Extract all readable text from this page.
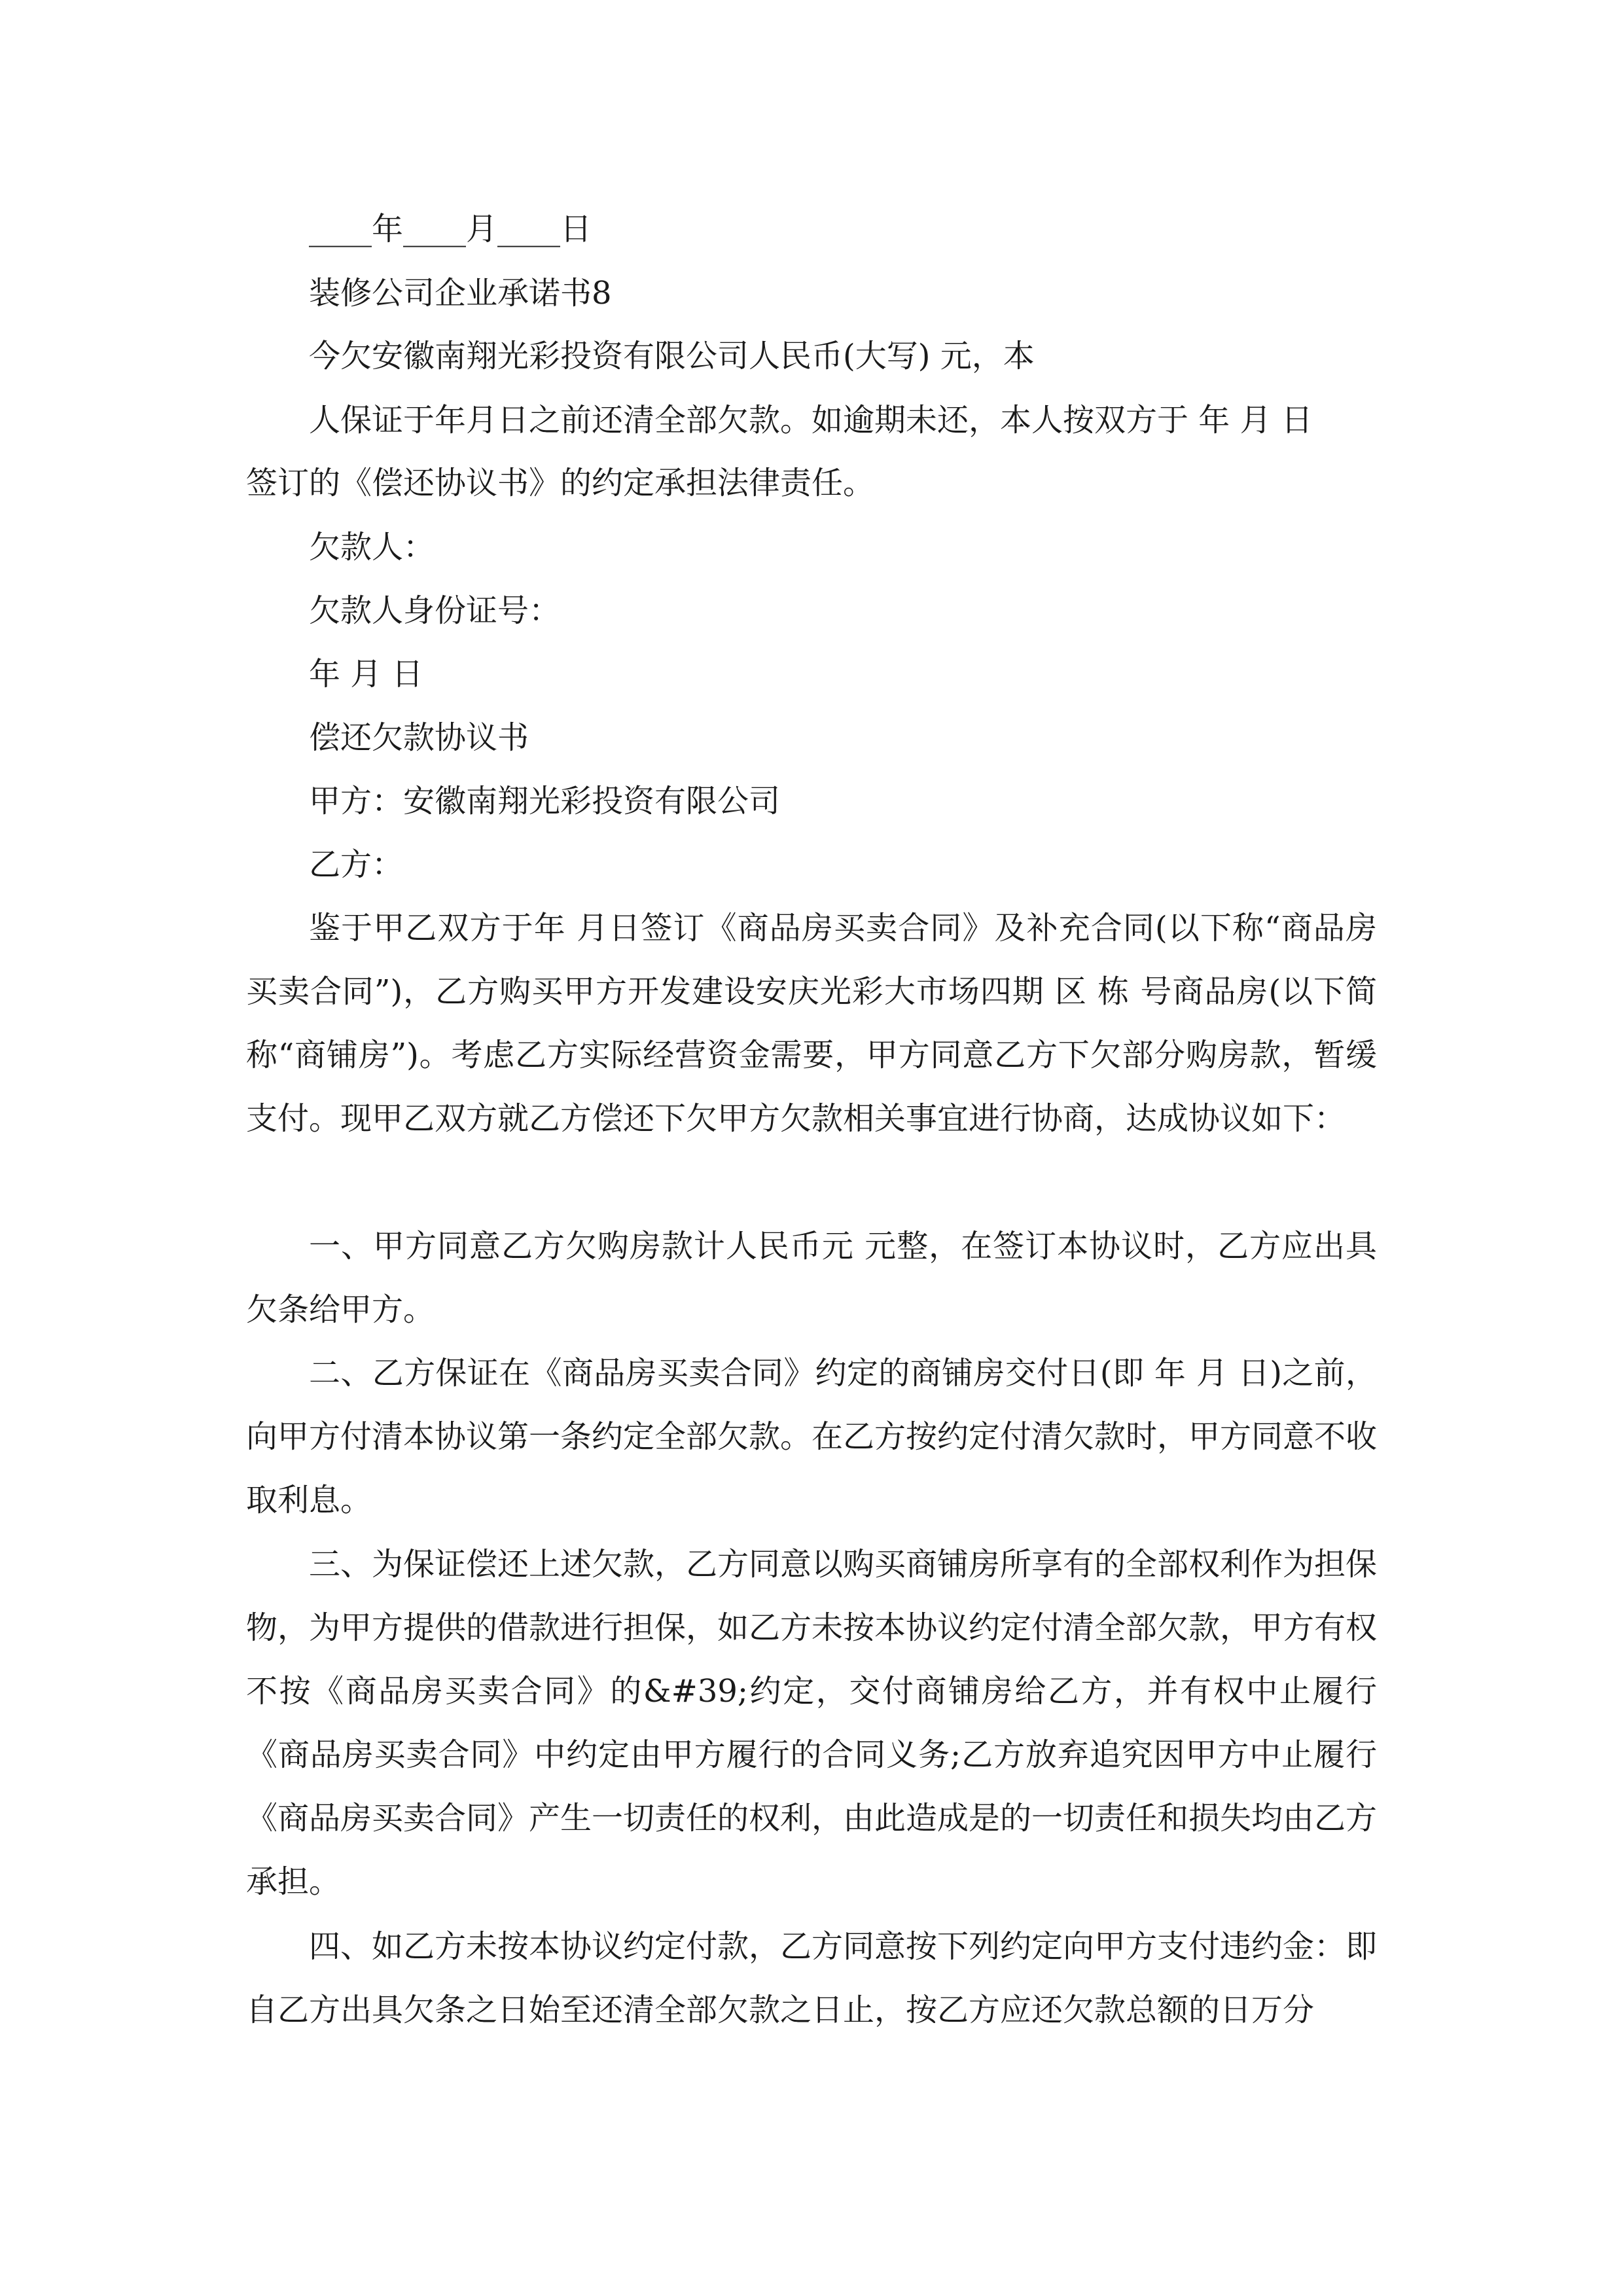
____年____月____日

装修公司企业承诺书8

今欠安徽南翔光彩投资有限公司人民币(大写) 元，本

人保证于年月日之前还清全部欠款。如逾期未还，本人按双方于 年 月 日

签订的《偿还协议书》的约定承担法律责任。

欠款人：

欠款人身份证号：

年 月 日

偿还欠款协议书

甲方：安徽南翔光彩投资有限公司

乙方：

鉴于甲乙双方于年 月日签订《商品房买卖合同》及补充合同(以下称“商品房买卖合同”)，乙方购买甲方开发建设安庆光彩大市场四期 区 栋 号商品房(以下简称“商铺房”)。考虑乙方实际经营资金需要，甲方同意乙方下欠部分购房款，暂缓支付。现甲乙双方就乙方偿还下欠甲方欠款相关事宜进行协商，达成协议如下：

一、甲方同意乙方欠购房款计人民币元 元整，在签订本协议时，乙方应出具欠条给甲方。

二、乙方保证在《商品房买卖合同》约定的商铺房交付日(即 年 月 日)之前，向甲方付清本协议第一条约定全部欠款。在乙方按约定付清欠款时，甲方同意不收取利息。

三、为保证偿还上述欠款，乙方同意以购买商铺房所享有的全部权利作为担保物，为甲方提供的借款进行担保，如乙方未按本协议约定付清全部欠款，甲方有权不按《商品房买卖合同》的&#39;约定，交付商铺房给乙方，并有权中止履行《商品房买卖合同》中约定由甲方履行的合同义务;乙方放弃追究因甲方中止履行《商品房买卖合同》产生一切责任的权利，由此造成是的一切责任和损失均由乙方承担。

四、如乙方未按本协议约定付款，乙方同意按下列约定向甲方支付违约金：即自乙方出具欠条之日始至还清全部欠款之日止，按乙方应还欠款总额的日万分
